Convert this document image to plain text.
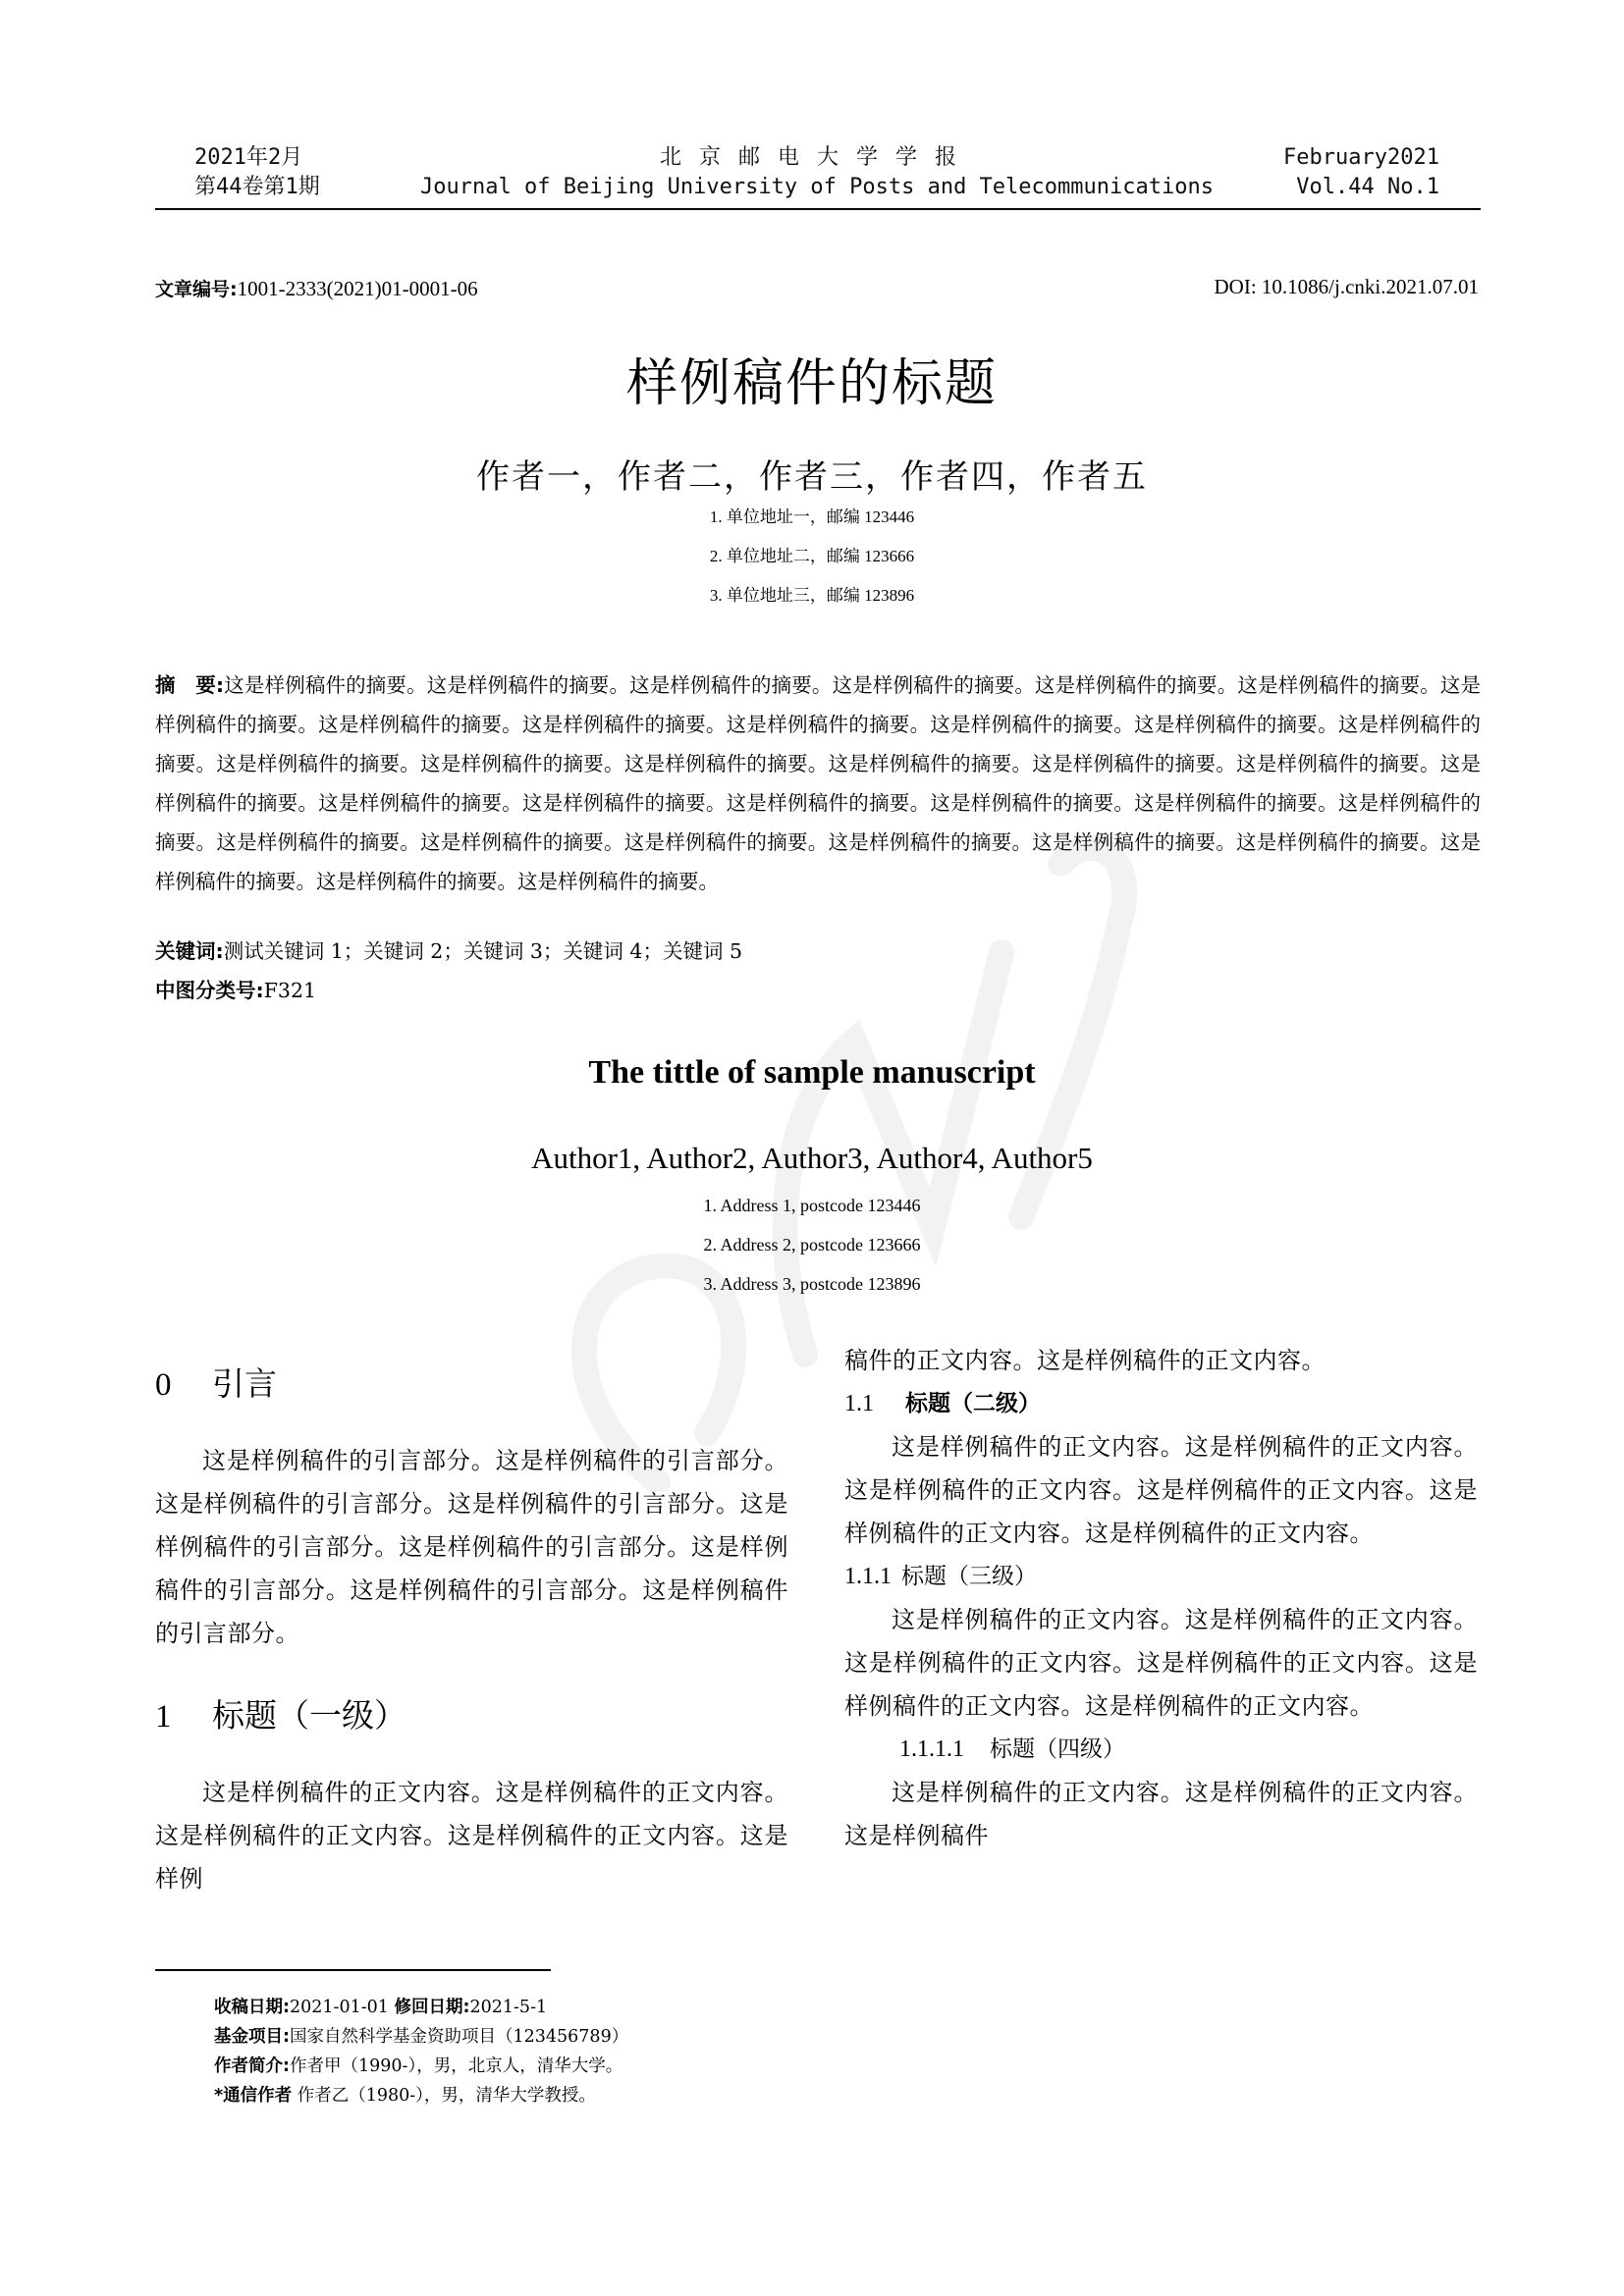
2021年2月
第44卷第1期
北京邮电大学学报
Journal of Beijing University of Posts and Telecommunications
February2021
Vol.44 No.1
文章编号:1001-2333(2021)01-0001-06	DOI: 10.1086/j.cnki.2021.07.01
样例稿件的标题
作者一，作者二，作者三，作者四，作者五
1. 单位地址一，邮编 123446
2. 单位地址二，邮编 123666
3. 单位地址三，邮编 123896
摘　要:这是样例稿件的摘要。这是样例稿件的摘要。这是样例稿件的摘要。这是样例稿件的摘要。这是样例稿件的摘要。这是样例稿件的摘要。这是样例稿件的摘要。这是样例稿件的摘要。这是样例稿件的摘要。这是样例稿件的摘要。这是样例稿件的摘要。这是样例稿件的摘要。这是样例稿件的摘要。这是样例稿件的摘要。这是样例稿件的摘要。这是样例稿件的摘要。这是样例稿件的摘要。这是样例稿件的摘要。这是样例稿件的摘要。这是样例稿件的摘要。这是样例稿件的摘要。这是样例稿件的摘要。这是样例稿件的摘要。这是样例稿件的摘要。这是样例稿件的摘要。这是样例稿件的摘要。这是样例稿件的摘要。这是样例稿件的摘要。这是样例稿件的摘要。这是样例稿件的摘要。这是样例稿件的摘要。这是样例稿件的摘要。这是样例稿件的摘要。这是样例稿件的摘要。这是样例稿件的摘要。
关键词:测试关键词 1；关键词 2；关键词 3；关键词 4；关键词 5
中图分类号:F321
The tittle of sample manuscript
Author1, Author2, Author3, Author4, Author5
1. Address 1, postcode 123446
2. Address 2, postcode 123666
3. Address 3, postcode 123896
0 引言

这是样例稿件的引言部分。这是样例稿件的引言部分。这是样例稿件的引言部分。这是样例稿件的引言部分。这是样例稿件的引言部分。这是样例稿件的引言部分。这是样例稿件的引言部分。这是样例稿件的引言部分。这是样例稿件的引言部分。

1 标题（一级）

这是样例稿件的正文内容。这是样例稿件的正文内容。这是样例稿件的正文内容。这是样例稿件的正文内容。这是样例

稿件的正文内容。这是样例稿件的正文内容。

1.1 标题（二级）

这是样例稿件的正文内容。这是样例稿件的正文内容。这是样例稿件的正文内容。这是样例稿件的正文内容。这是样例稿件的正文内容。这是样例稿件的正文内容。

1.1.1 标题（三级）

这是样例稿件的正文内容。这是样例稿件的正文内容。这是样例稿件的正文内容。这是样例稿件的正文内容。这是样例稿件的正文内容。这是样例稿件的正文内容。

1.1.1.1 标题（四级）

这是样例稿件的正文内容。这是样例稿件的正文内容。这是样例稿件

收稿日期:2021-01-01 修回日期:2021-5-1
基金项目:国家自然科学基金资助项目（123456789）
作者简介:作者甲（1990-），男，北京人，清华大学。
*通信作者 作者乙（1980-），男，清华大学教授。
